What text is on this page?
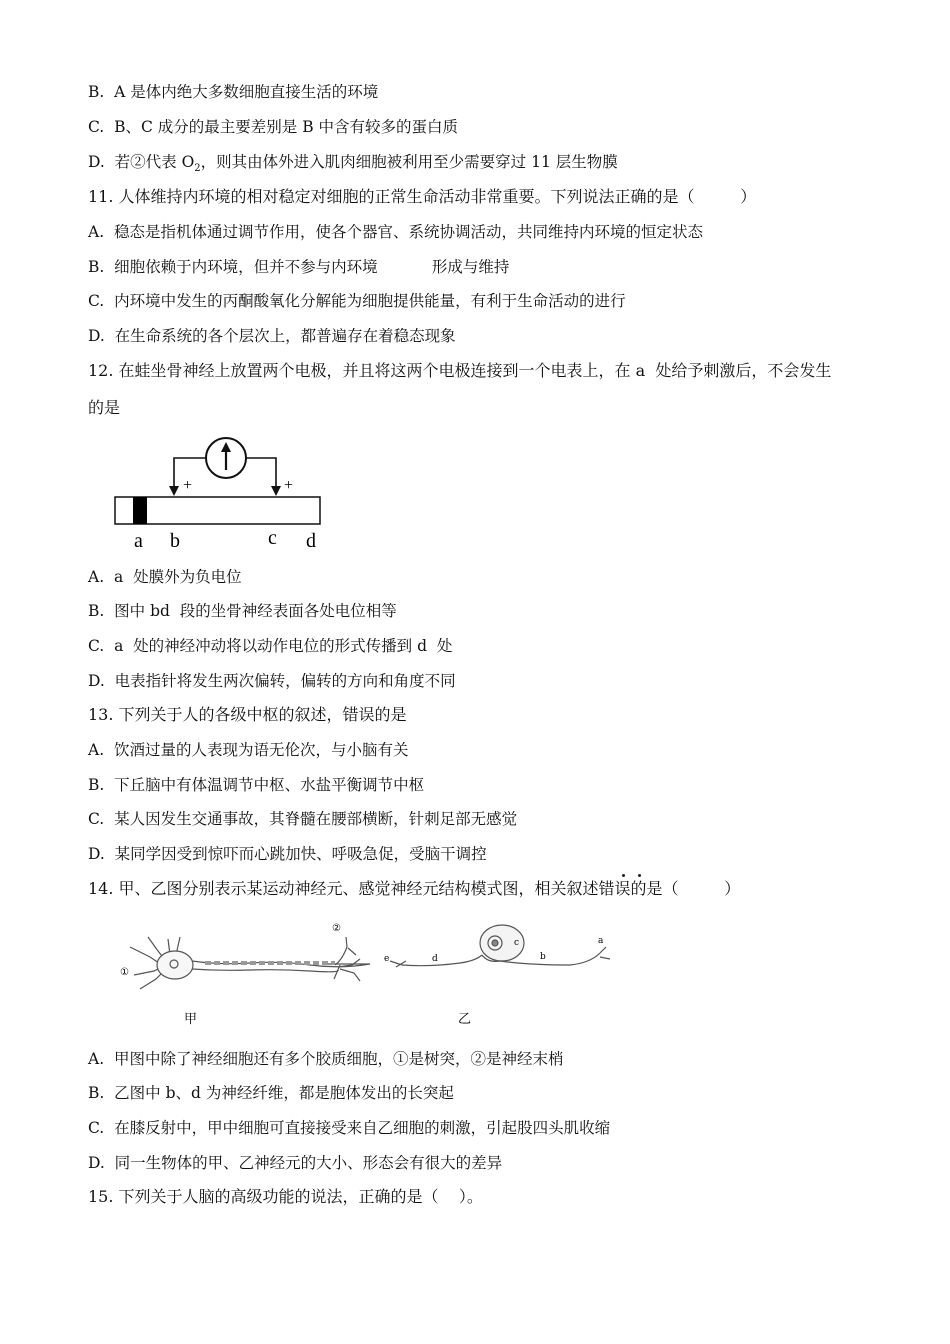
B.  A 是体内绝大多数细胞直接生活的环境
C.  B、C 成分的最主要差别是 B 中含有较多的蛋白质
D.  若②代表 $O_2$，则其由体外进入肌肉细胞被利用至少需要穿过 11 层生物膜
11. 人体维持内环境的相对稳定对细胞的正常生命活动非常重要。下列说法正确的是（         ）
A.  稳态是指机体通过调节作用，使各个器官、系统协调活动，共同维持内环境的恒定状态
B.  细胞依赖于内环境，但并不参与内环境           形成与维持
C.  内环境中发生的丙酮酸氧化分解能为细胞提供能量，有利于生命活动的进行
D.  在生命系统的各个层次上，都普遍存在着稳态现象
12. 在蛙坐骨神经上放置两个电极，并且将这两个电极连接到一个电表上，在 a  处给予刺激后，不会发生
的是
+	+
a b	c d
A.  a  处膜外为负电位
B.  图中 bd  段的坐骨神经表面各处电位相等
C.  a  处的神经冲动将以动作电位的形式传播到 d  处
D.  电表指针将发生两次偏转，偏转的方向和角度不同
13. 下列关于人的各级中枢的叙述，错误的是
A.  饮酒过量的人表现为语无伦次，与小脑有关
B.  下丘脑中有体温调节中枢、水盐平衡调节中枢
C.  某人因发生交通事故，其脊髓在腰部横断，针刺足部无感觉
D.  某同学因受到惊吓而心跳加快、呼吸急促，受脑干调控
14. 甲、乙图分别表示某运动神经元、感觉神经元结构模式图，相关叙述错误的是（         ）
①
②
甲
e	d
c
b
a
乙
A.  甲图中除了神经细胞还有多个胶质细胞，①是树突，②是神经末梢
B.  乙图中 b、d 为神经纤维，都是胞体发出的长突起
C.  在膝反射中，甲中细胞可直接接受来自乙细胞的刺激，引起股四头肌收缩
D.  同一生物体的甲、乙神经元的大小、形态会有很大的差异
15. 下列关于人脑的高级功能的说法，正确的是（    ）。
